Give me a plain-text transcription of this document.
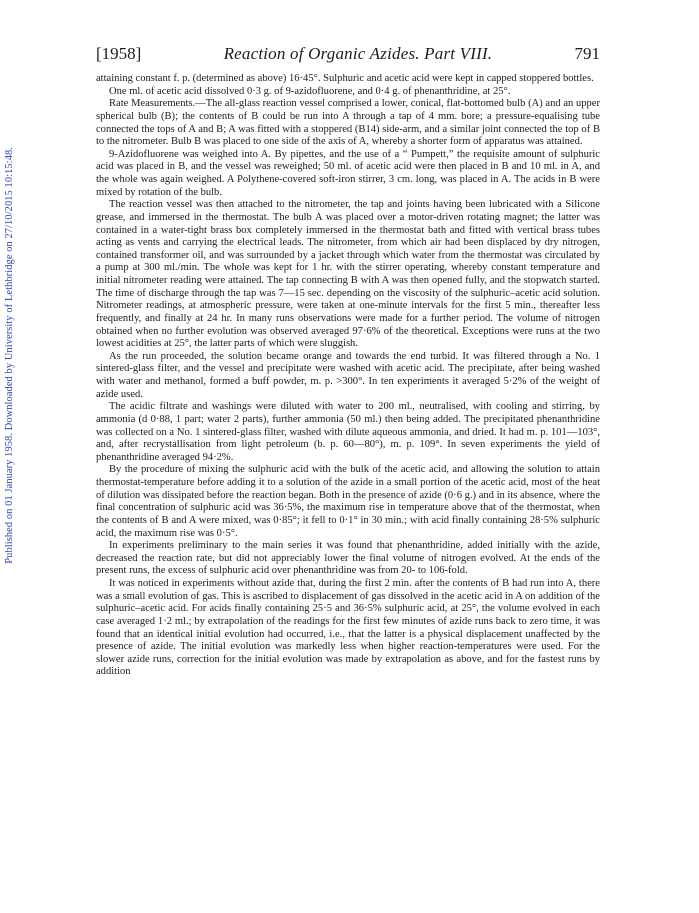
Published on 01 January 1958. Downloaded by University of Lethbridge on 27/10/2015 10:15:48.
[1958]	Reaction of Organic Azides. Part VIII.	791

attaining constant f. p. (determined as above) 16·45°. Sulphuric and acetic acid were kept in capped stoppered bottles.

One ml. of acetic acid dissolved 0·3 g. of 9-azidofluorene, and 0·4 g. of phenanthridine, at 25°.

Rate Measurements.—The all-glass reaction vessel comprised a lower, conical, flat-bottomed bulb (A) and an upper spherical bulb (B); the contents of B could be run into A through a tap of 4 mm. bore; a pressure-equalising tube connected the tops of A and B; A was fitted with a stoppered (B14) side-arm, and a similar joint connected the top of B to the nitrometer. Bulb B was placed to one side of the axis of A, whereby a shorter form of apparatus was attained.

9-Azidofluorene was weighed into A. By pipettes, and the use of a “ Pumpett,” the requisite amount of sulphuric acid was placed in B, and the vessel was reweighed; 50 ml. of acetic acid were then placed in B and 10 ml. in A, and the whole was again weighed. A Polythene-covered soft-iron stirrer, 3 cm. long, was placed in A. The acids in B were mixed by rotation of the bulb.

The reaction vessel was then attached to the nitrometer, the tap and joints having been lubricated with a Silicone grease, and immersed in the thermostat. The bulb A was placed over a motor-driven rotating magnet; the latter was contained in a water-tight brass box completely immersed in the thermostat bath and fitted with vertical brass tubes acting as vents and carrying the electrical leads. The nitrometer, from which air had been displaced by dry nitrogen, contained transformer oil, and was surrounded by a jacket through which water from the thermostat was circulated by a pump at 300 ml./min. The whole was kept for 1 hr. with the stirrer operating, whereby constant temperature and initial nitrometer reading were attained. The tap connecting B with A was then opened fully, and the stopwatch started. The time of discharge through the tap was 7—15 sec. depending on the viscosity of the sulphuric–acetic acid solution. Nitrometer readings, at atmospheric pressure, were taken at one-minute intervals for the first 5 min., thereafter less frequently, and finally at 24 hr. In many runs observations were made for a further period. The volume of nitrogen obtained when no further evolution was observed averaged 97·6% of the theoretical. Exceptions were runs at the two lowest acidities at 25°, the latter parts of which were sluggish.

As the run proceeded, the solution became orange and towards the end turbid. It was filtered through a No. 1 sintered-glass filter, and the vessel and precipitate were washed with acetic acid. The precipitate, after being washed with water and methanol, formed a buff powder, m. p. >300°. In ten experiments it averaged 5·2% of the weight of azide used.

The acidic filtrate and washings were diluted with water to 200 ml., neutralised, with cooling and stirring, by ammonia (d 0·88, 1 part; water 2 parts), further ammonia (50 ml.) then being added. The precipitated phenanthridine was collected on a No. 1 sintered-glass filter, washed with dilute aqueous ammonia, and dried. It had m. p. 101—103°, and, after recrystallisation from light petroleum (b. p. 60—80°), m. p. 109°. In seven experiments the yield of phenanthridine averaged 94·2%.

By the procedure of mixing the sulphuric acid with the bulk of the acetic acid, and allowing the solution to attain thermostat-temperature before adding it to a solution of the azide in a small portion of the acetic acid, most of the heat of dilution was dissipated before the reaction began. Both in the presence of azide (0·6 g.) and in its absence, where the final concentration of sulphuric acid was 36·5%, the maximum rise in temperature above that of the thermostat, when the contents of B and A were mixed, was 0·85°; it fell to 0·1° in 30 min.; with acid finally containing 28·5% sulphuric acid, the maximum rise was 0·5°.

In experiments preliminary to the main series it was found that phenanthridine, added initially with the azide, decreased the reaction rate, but did not appreciably lower the final volume of nitrogen evolved. At the ends of the present runs, the excess of sulphuric acid over phenanthridine was from 20- to 106-fold.

It was noticed in experiments without azide that, during the first 2 min. after the contents of B had run into A, there was a small evolution of gas. This is ascribed to displacement of gas dissolved in the acetic acid in A on addition of the sulphuric–acetic acid. For acids finally containing 25·5 and 36·5% sulphuric acid, at 25°, the volume evolved in each case averaged 1·2 ml.; by extrapolation of the readings for the first few minutes of azide runs back to zero time, it was found that an identical initial evolution had occurred, i.e., that the latter is a physical displacement unaffected by the presence of azide. The initial evolution was markedly less when higher reaction-temperatures were used. For the slower azide runs, correction for the initial evolution was made by extrapolation as above, and for the fastest runs by addition
